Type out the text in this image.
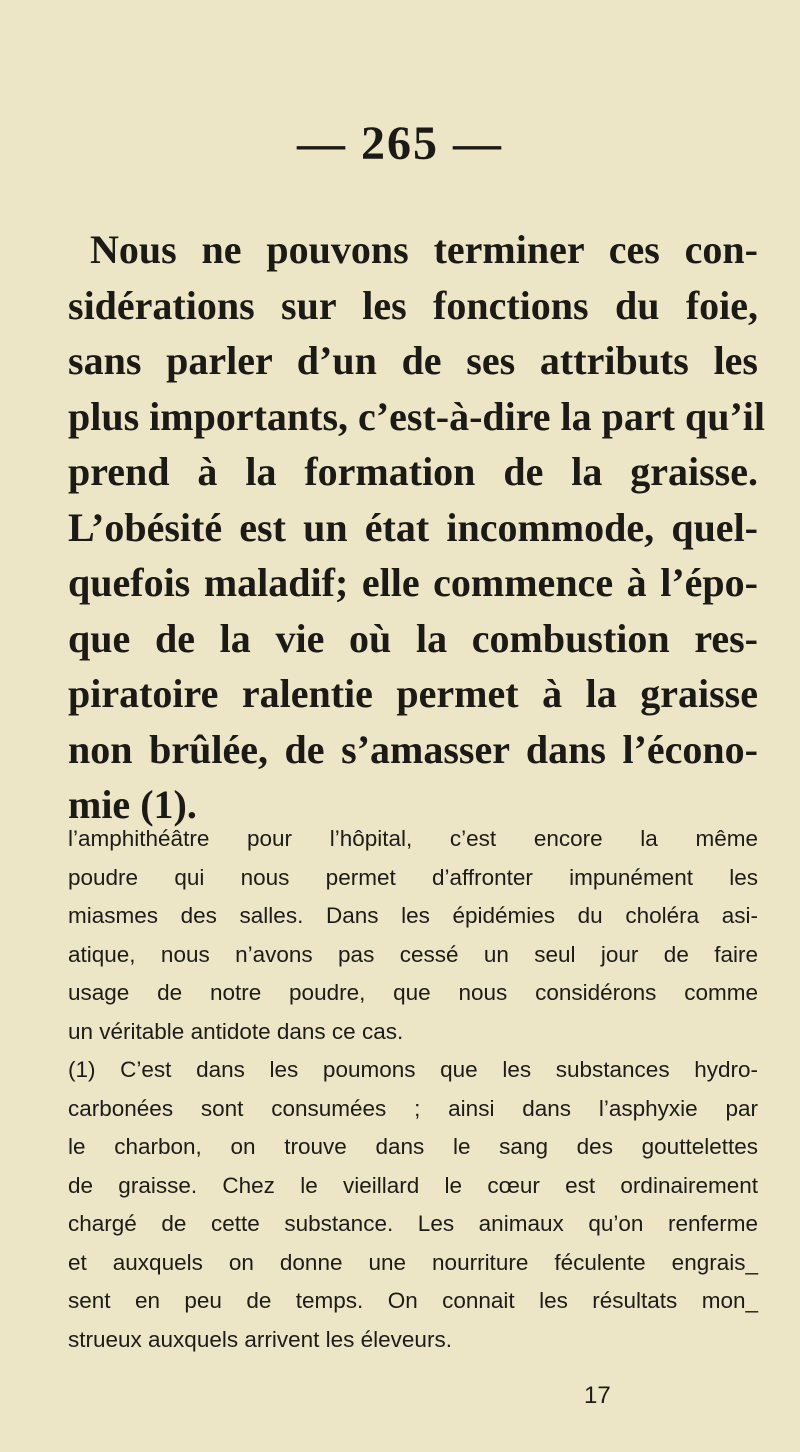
— 265 —

Nous ne pouvons terminer ces con-
sidérations sur les fonctions du foie,
sans parler d’un de ses attributs les
plus importants, c’est-à-dire la part qu’il
prend à la formation de la graisse.
L’obésité est un état incommode, quel-
quefois maladif; elle commence à l’épo-
que de la vie où la combustion res-
piratoire ralentie permet à la graisse
non brûlée, de s’amasser dans l’écono-
mie (1).

l’amphithéâtre pour l’hôpital, c’est encore la même
poudre qui nous permet d’affronter impunément les
miasmes des salles. Dans les épidémies du choléra asi-
atique, nous n’avons pas cessé un seul jour de faire
usage de notre poudre, que nous considérons comme
un véritable antidote dans ce cas.
(1) C’est dans les poumons que les substances hydro-
carbonées sont consumées ; ainsi dans l’asphyxie par
le charbon, on trouve dans le sang des gouttelettes
de graisse. Chez le vieillard le cœur est ordinairement
chargé de cette substance. Les animaux qu’on renferme
et auxquels on donne une nourriture féculente engrais_
sent en peu de temps. On connait les résultats mon_
strueux auxquels arrivent les éleveurs.
17
